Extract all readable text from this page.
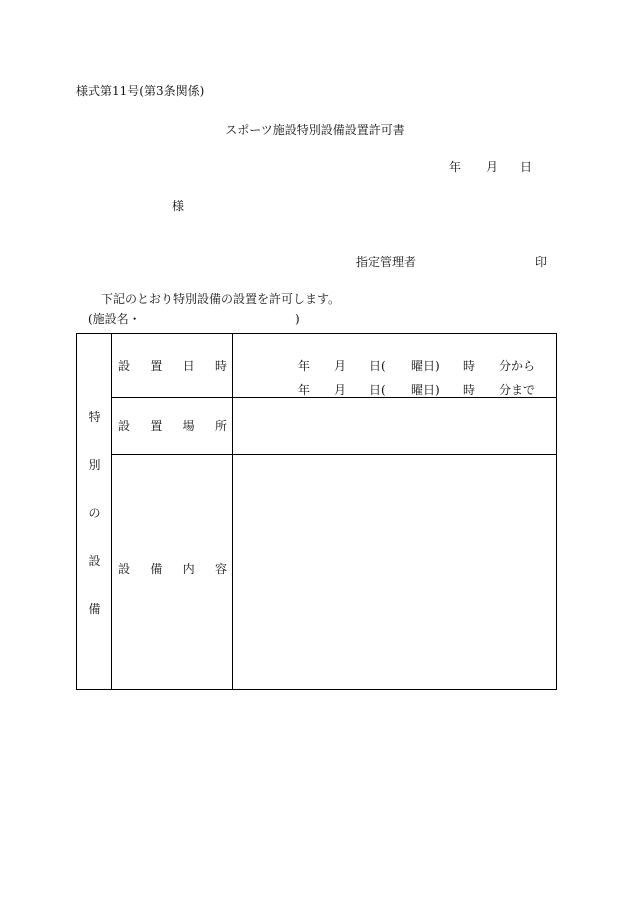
様式第11号(第3条関係)
スポーツ施設特別設備設置許可書
年 月 日
様
指定管理者	印
下記のとおり特別設備の設置を許可します。
(施設名・	)
特
別
の
設
備
設 置 日 時	年 月 日( 曜日) 時 分から
年 月 日( 曜日) 時 分まで
設 置 場 所
設 備 内 容
